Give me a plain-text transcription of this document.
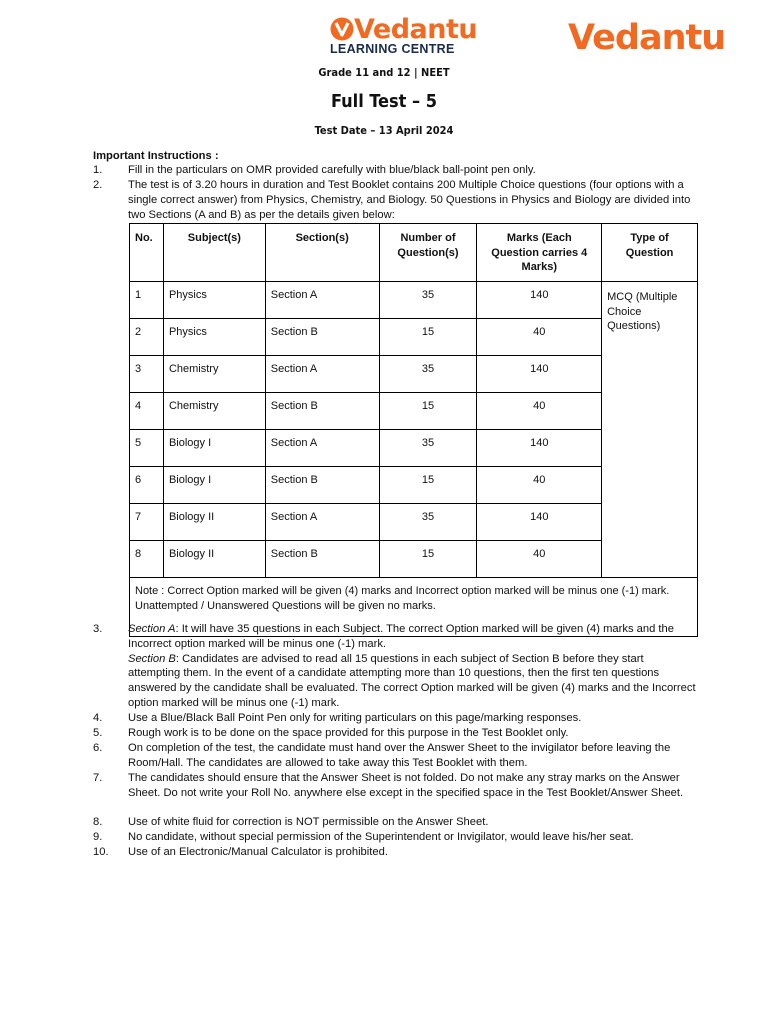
Vedantu
LEARNING CENTRE	Vedantu
Grade 11 and 12 | NEET
Full Test – 5
Test Date – 13 April 2024
Important Instructions :
1. Fill in the particulars on OMR provided carefully with blue/black ball-point pen only.
2. The test is of 3.20 hours in duration and Test Booklet contains 200 Multiple Choice questions (four options with a single correct answer) from Physics, Chemistry, and Biology. 50 Questions in Physics and Biology are divided into two Sections (A and B) as per the details given below:
No.	Subject(s)	Section(s)	Number of Question(s)	Marks (Each Question carries 4 Marks)	Type of Question
1	Physics	Section A	35	140	MCQ (Multiple Choice Questions)
2	Physics	Section B	15	40	
3	Chemistry	Section A	35	140	
4	Chemistry	Section B	15	40	
5	Biology I	Section A	35	140	
6	Biology I	Section B	15	40	
7	Biology II	Section A	35	140	
8	Biology II	Section B	15	40	

Note : Correct Option marked will be given (4) marks and Incorrect option marked will be minus one (-1) mark.
Unattempted / Unanswered Questions will be given no marks.					
3. Section A: It will have 35 questions in each Subject. The correct Option marked will be given (4) marks and the Incorrect option marked will be minus one (-1) mark.
Section B: Candidates are advised to read all 15 questions in each subject of Section B before they start attempting them. In the event of a candidate attempting more than 10 questions, then the first ten questions answered by the candidate shall be evaluated. The correct Option marked will be given (4) marks and the Incorrect option marked will be minus one (-1) mark.
4. Use a Blue/Black Ball Point Pen only for writing particulars on this page/marking responses.
5. Rough work is to be done on the space provided for this purpose in the Test Booklet only.
6. On completion of the test, the candidate must hand over the Answer Sheet to the invigilator before leaving the Room/Hall. The candidates are allowed to take away this Test Booklet with them.
7. The candidates should ensure that the Answer Sheet is not folded. Do not make any stray marks on the Answer Sheet. Do not write your Roll No. anywhere else except in the specified space in the Test Booklet/Answer Sheet.
8. Use of white fluid for correction is NOT permissible on the Answer Sheet.
9. No candidate, without special permission of the Superintendent or Invigilator, would leave his/her seat.
10. Use of an Electronic/Manual Calculator is prohibited.
